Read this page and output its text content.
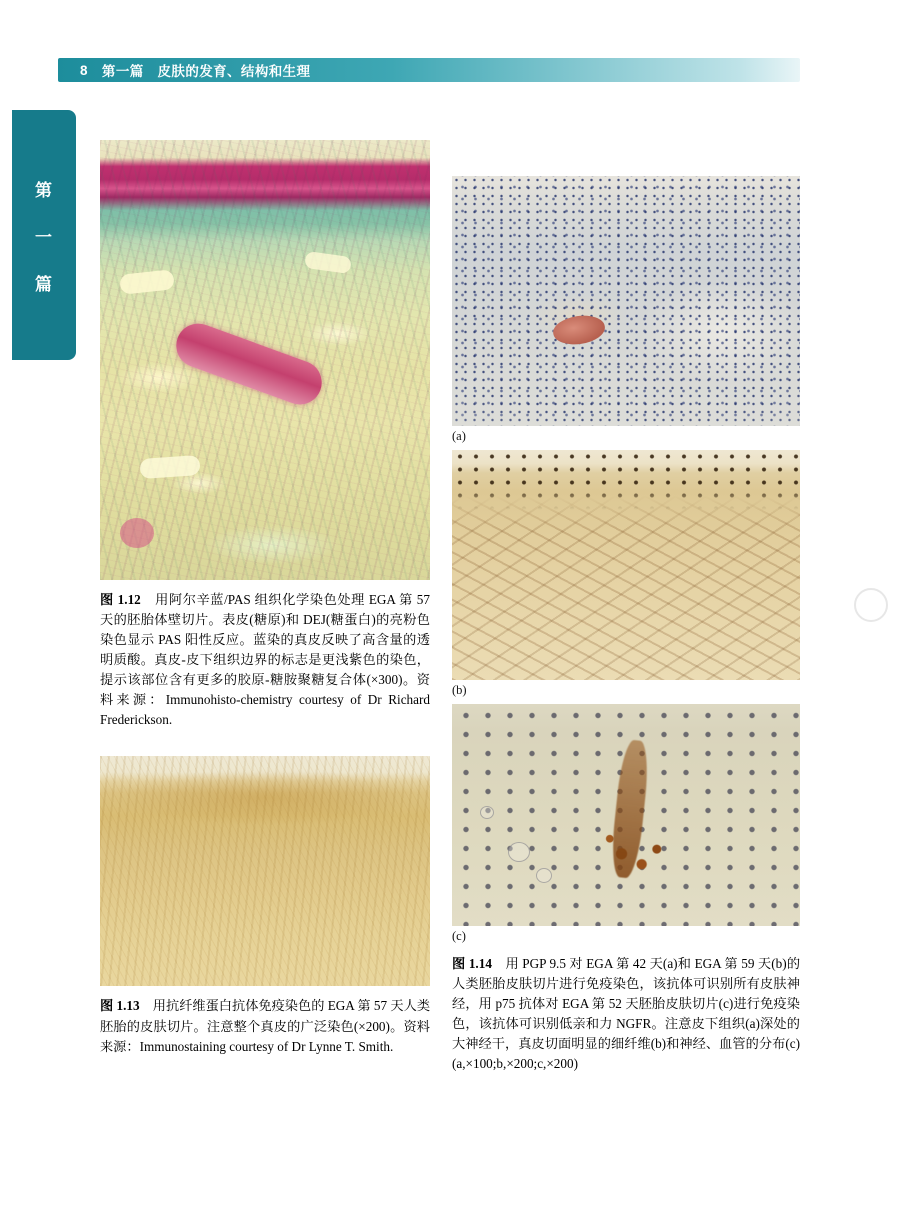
8 第一篇　皮肤的发育、结构和生理
第
一
篇

图 1.12　用阿尔辛蓝/PAS 组织化学染色处理 EGA 第 57 天的胚胎体壁切片。表皮(糖原)和 DEJ(糖蛋白)的亮粉色染色显示 PAS 阳性反应。蓝染的真皮反映了高含量的透明质酸。真皮-皮下组织边界的标志是更浅紫色的染色，提示该部位含有更多的胶原-糖胺聚糖复合体(×300)。资料来源：Immunohisto-chemistry courtesy of Dr Richard Frederickson.

图 1.13　用抗纤维蛋白抗体免疫染色的 EGA 第 57 天人类胚胎的皮肤切片。注意整个真皮的广泛染色(×200)。资料来源：Immunostaining courtesy of Dr Lynne T. Smith.

(a)
(b)
(c)

图 1.14　用 PGP 9.5 对 EGA 第 42 天(a)和 EGA 第 59 天(b)的人类胚胎皮肤切片进行免疫染色，该抗体可识别所有皮肤神经，用 p75 抗体对 EGA 第 52 天胚胎皮肤切片(c)进行免疫染色，该抗体可识别低亲和力 NGFR。注意皮下组织(a)深处的大神经干，真皮切面明显的细纤维(b)和神经、血管的分布(c)(a,×100;b,×200;c,×200)
